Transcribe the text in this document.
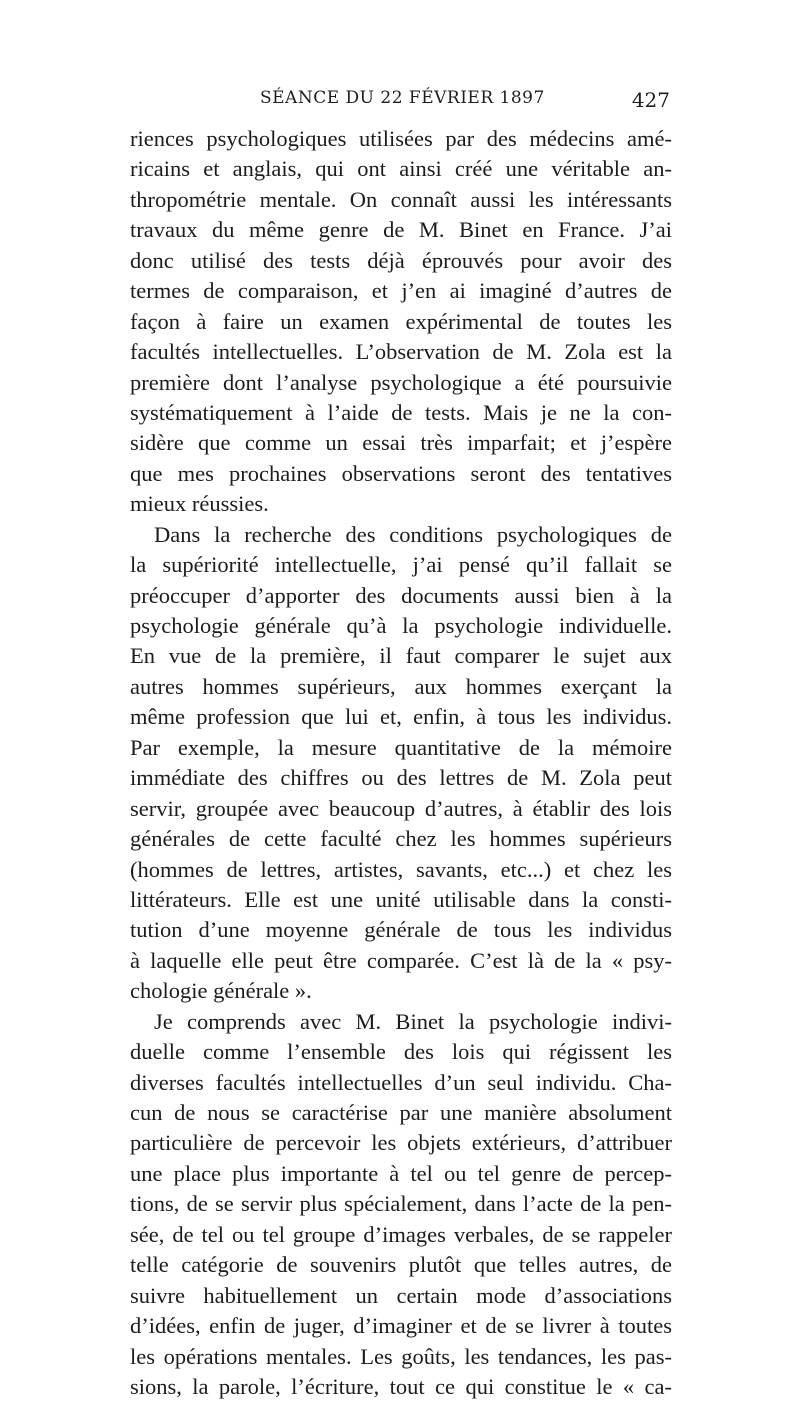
SÉANCE DU 22 FÉVRIER 1897	427
riences psychologiques utilisées par des médecins amé-
ricains et anglais, qui ont ainsi créé une véritable an-
thropométrie mentale. On connaît aussi les intéressants
travaux du même genre de M. Binet en France. J’ai
donc utilisé des tests déjà éprouvés pour avoir des
termes de comparaison, et j’en ai imaginé d’autres de
façon à faire un examen expérimental de toutes les
facultés intellectuelles. L’observation de M. Zola est la
première dont l’analyse psychologique a été poursuivie
systématiquement à l’aide de tests. Mais je ne la con-
sidère que comme un essai très imparfait; et j’espère
que mes prochaines observations seront des tentatives
mieux réussies.
Dans la recherche des conditions psychologiques de
la supériorité intellectuelle, j’ai pensé qu’il fallait se
préoccuper d’apporter des documents aussi bien à la
psychologie générale qu’à la psychologie individuelle.
En vue de la première, il faut comparer le sujet aux
autres hommes supérieurs, aux hommes exerçant la
même profession que lui et, enfin, à tous les individus.
Par exemple, la mesure quantitative de la mémoire
immédiate des chiffres ou des lettres de M. Zola peut
servir, groupée avec beaucoup d’autres, à établir des lois
générales de cette faculté chez les hommes supérieurs
(hommes de lettres, artistes, savants, etc...) et chez les
littérateurs. Elle est une unité utilisable dans la consti-
tution d’une moyenne générale de tous les individus
à laquelle elle peut être comparée. C’est là de la « psy-
chologie générale ».
Je comprends avec M. Binet la psychologie indivi-
duelle comme l’ensemble des lois qui régissent les
diverses facultés intellectuelles d’un seul individu. Cha-
cun de nous se caractérise par une manière absolument
particulière de percevoir les objets extérieurs, d’attribuer
une place plus importante à tel ou tel genre de percep-
tions, de se servir plus spécialement, dans l’acte de la pen-
sée, de tel ou tel groupe d’images verbales, de se rappeler
telle catégorie de souvenirs plutôt que telles autres, de
suivre habituellement un certain mode d’associations
d’idées, enfin de juger, d’imaginer et de se livrer à toutes
les opérations mentales. Les goûts, les tendances, les pas-
sions, la parole, l’écriture, tout ce qui constitue le « ca-
